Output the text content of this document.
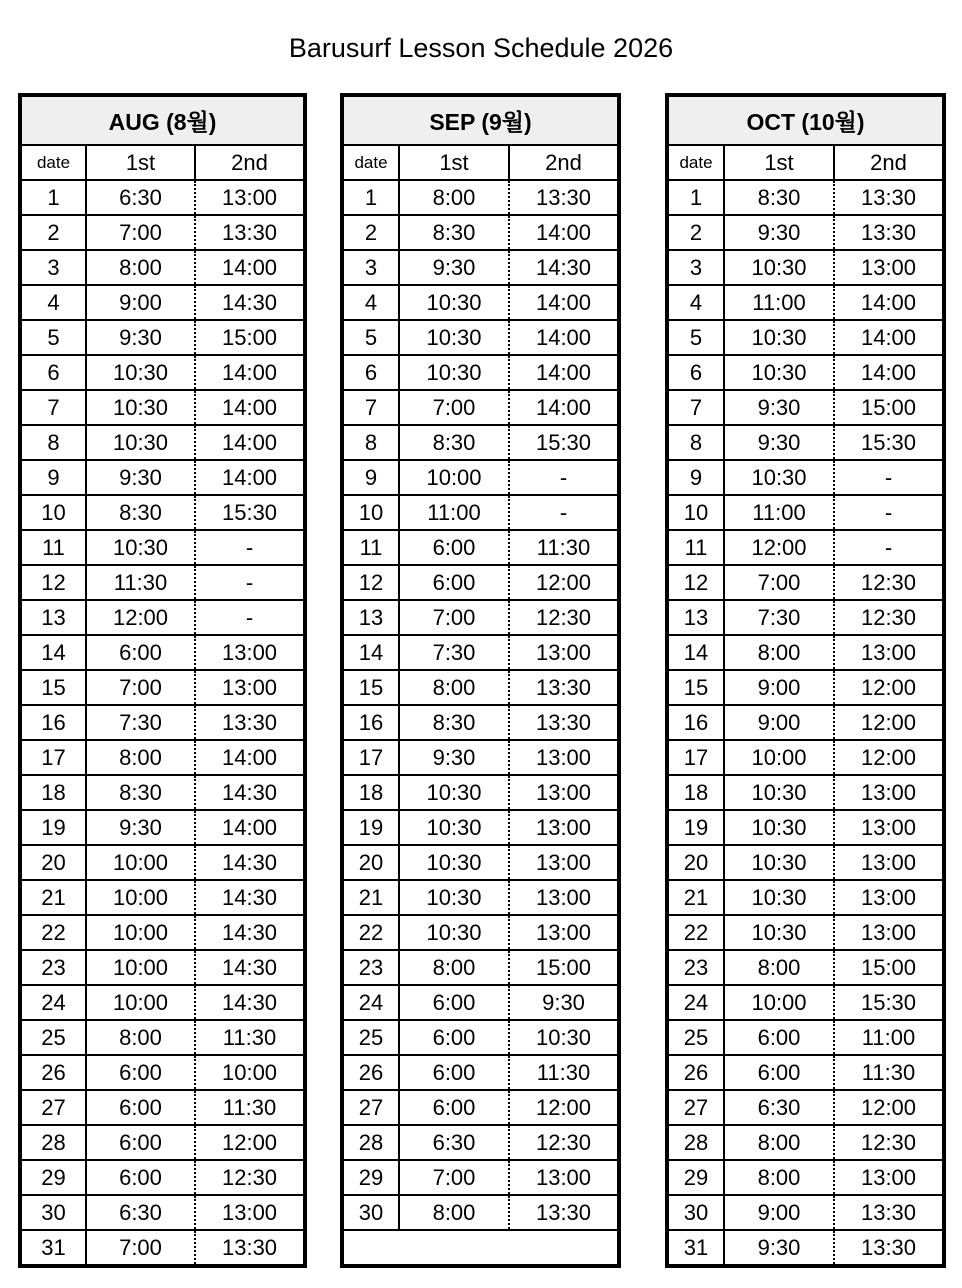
Barusurf Lesson Schedule 2026
AUG (8월)		
date	1st	2nd
1	6:30	13:00
2	7:00	13:30
3	8:00	14:00
4	9:00	14:30
5	9:30	15:00
6	10:30	14:00
7	10:30	14:00
8	10:30	14:00
9	9:30	14:00
10	8:30	15:30
11	10:30	-
12	11:30	-
13	12:00	-
14	6:00	13:00
15	7:00	13:00
16	7:30	13:30
17	8:00	14:00
18	8:30	14:30
19	9:30	14:00
20	10:00	14:30
21	10:00	14:30
22	10:00	14:30
23	10:00	14:30
24	10:00	14:30
25	8:00	11:30
26	6:00	10:00
27	6:00	11:30
28	6:00	12:00
29	6:00	12:30
30	6:30	13:00
31	7:00	13:30
SEP (9월)		
date	1st	2nd
1	8:00	13:30
2	8:30	14:00
3	9:30	14:30
4	10:30	14:00
5	10:30	14:00
6	10:30	14:00
7	7:00	14:00
8	8:30	15:30
9	10:00	-
10	11:00	-
11	6:00	11:30
12	6:00	12:00
13	7:00	12:30
14	7:30	13:00
15	8:00	13:30
16	8:30	13:30
17	9:30	13:00
18	10:30	13:00
19	10:30	13:00
20	10:30	13:00
21	10:30	13:00
22	10:30	13:00
23	8:00	15:00
24	6:00	9:30
25	6:00	10:30
26	6:00	11:30
27	6:00	12:00
28	6:30	12:30
29	7:00	13:00
30	8:00	13:30

OCT (10월)		
date	1st	2nd
1	8:30	13:30
2	9:30	13:30
3	10:30	13:00
4	11:00	14:00
5	10:30	14:00
6	10:30	14:00
7	9:30	15:00
8	9:30	15:30
9	10:30	-
10	11:00	-
11	12:00	-
12	7:00	12:30
13	7:30	12:30
14	8:00	13:00
15	9:00	12:00
16	9:00	12:00
17	10:00	12:00
18	10:30	13:00
19	10:30	13:00
20	10:30	13:00
21	10:30	13:00
22	10:30	13:00
23	8:00	15:00
24	10:00	15:30
25	6:00	11:00
26	6:00	11:30
27	6:30	12:00
28	8:00	12:30
29	8:00	13:00
30	9:00	13:30
31	9:30	13:30
